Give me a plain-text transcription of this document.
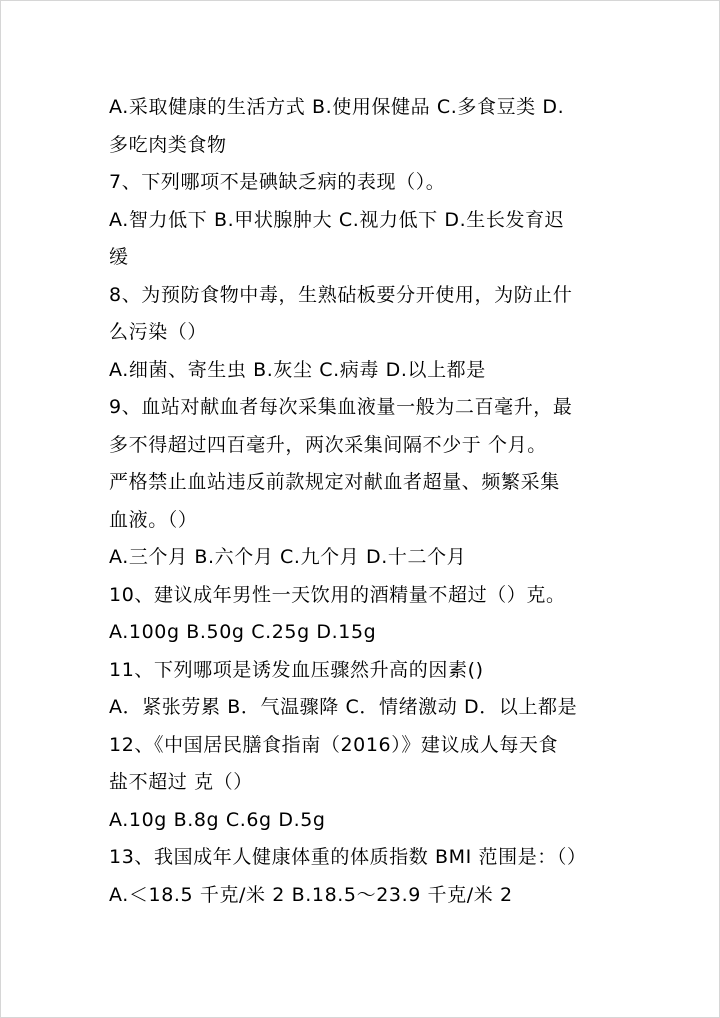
A.采取健康的生活方式 B.使用保健品 C.多食豆类 D.
多吃肉类食物
7、下列哪项不是碘缺乏病的表现（）。
A.智力低下 B.甲状腺肿大 C.视力低下 D.生长发育迟
缓
8、为预防食物中毒，生熟砧板要分开使用，为防止什
么污染（）
A.细菌、寄生虫 B.灰尘 C.病毒 D.以上都是
9、血站对献血者每次采集血液量一般为二百毫升，最
多不得超过四百毫升，两次采集间隔不少于 个月。
严格禁止血站违反前款规定对献血者超量、频繁采集
血液。（）
A.三个月 B.六个月 C.九个月 D.十二个月
10、建议成年男性一天饮用的酒精量不超过（）克。
A.100g B.50g C.25g D.15g
11、下列哪项是诱发血压骤然升高的因素()
A．紧张劳累 B．气温骤降 C．情绪激动 D．以上都是
12、《中国居民膳食指南（2016）》建议成人每天食
盐不超过 克（）
A.10g B.8g C.6g D.5g
13、我国成年人健康体重的体质指数 BMI 范围是：（）
A.＜18.5 千克/米 2 B.18.5～23.9 千克/米 2
